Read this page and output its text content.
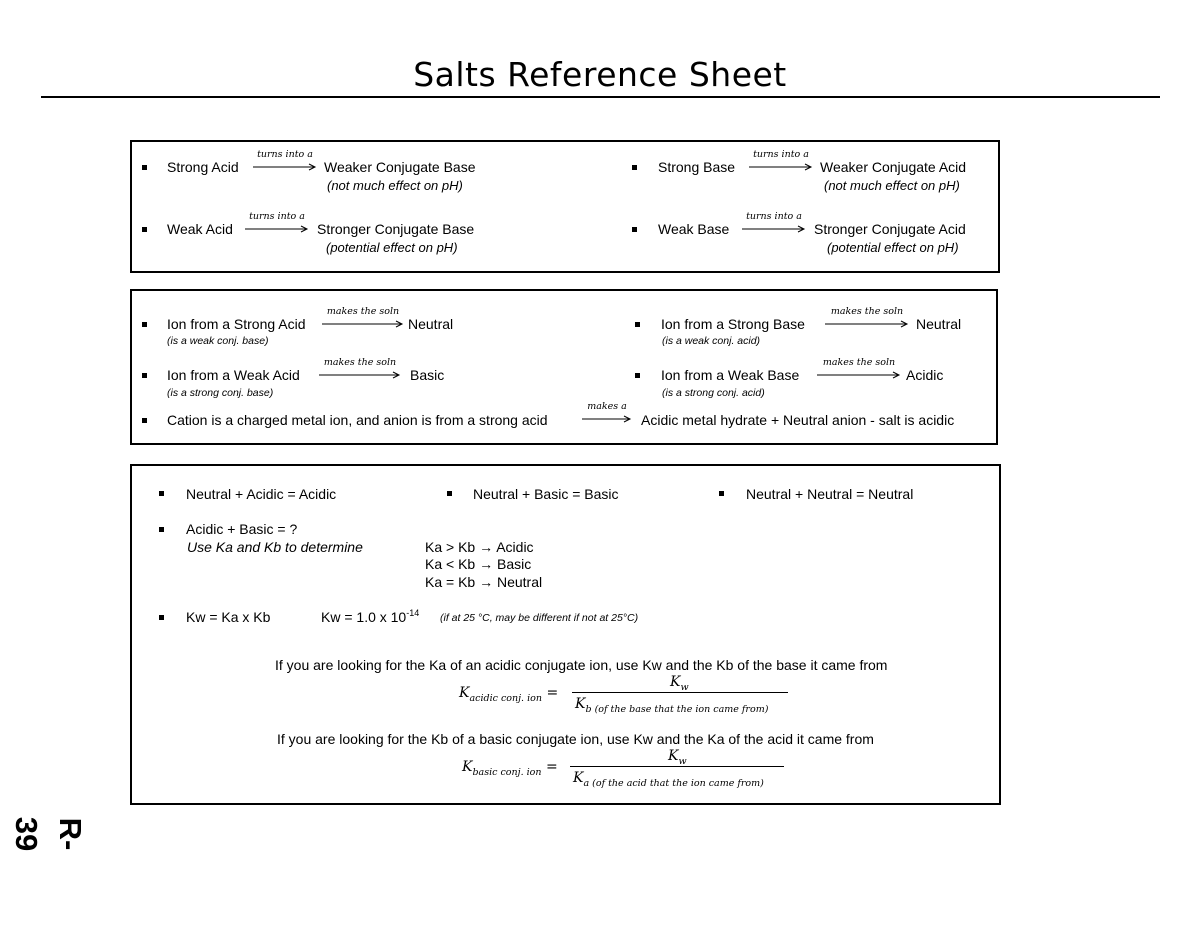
Salts Reference Sheet
Strong Acid
turns into a
Weaker Conjugate Base
(not much effect on pH)
Weak Acid
turns into a
Stronger Conjugate Base
(potential effect on pH)
Strong Base
turns into a
Weaker Conjugate Acid
(not much effect on pH)
Weak Base
turns into a
Stronger Conjugate Acid
(potential effect on pH)
Ion from a Strong Acid
makes the soln
Neutral
(is a weak conj. base)
Ion from a Weak Acid
makes the soln
Basic
(is a strong conj. base)
Ion from a Strong Base
makes the soln
Neutral
(is a weak conj. acid)
Ion from a Weak Base
makes the soln
Acidic
(is a strong conj. acid)
Cation is a charged metal ion, and anion is from a strong acid
makes a
Acidic metal hydrate + Neutral anion - salt is acidic
Neutral + Acidic = Acidic	Neutral + Basic = Basic	Neutral + Neutral = Neutral
Acidic + Basic = ?
Use Ka and Kb to determine	Ka > Kb → Acidic
Ka < Kb → Basic
Ka = Kb → Neutral
Kw = Ka x Kb	Kw = 1.0 x $10^{-14}$ (if at 25 °C, may be different if not at 25°C)
If you are looking for the Ka of an acidic conjugate ion, use Kw and the Kb of the base it came from
$K_{acidic conj. ion}$ =
$K_w$
$K_{b (of the base that the ion came from)}$
If you are looking for the Kb of a basic conjugate ion, use Kw and the Ka of the acid it came from
$K_{basic conj. ion}$ =
$K_w$
$K_{a (of the acid that the ion came from)}$
R-39
